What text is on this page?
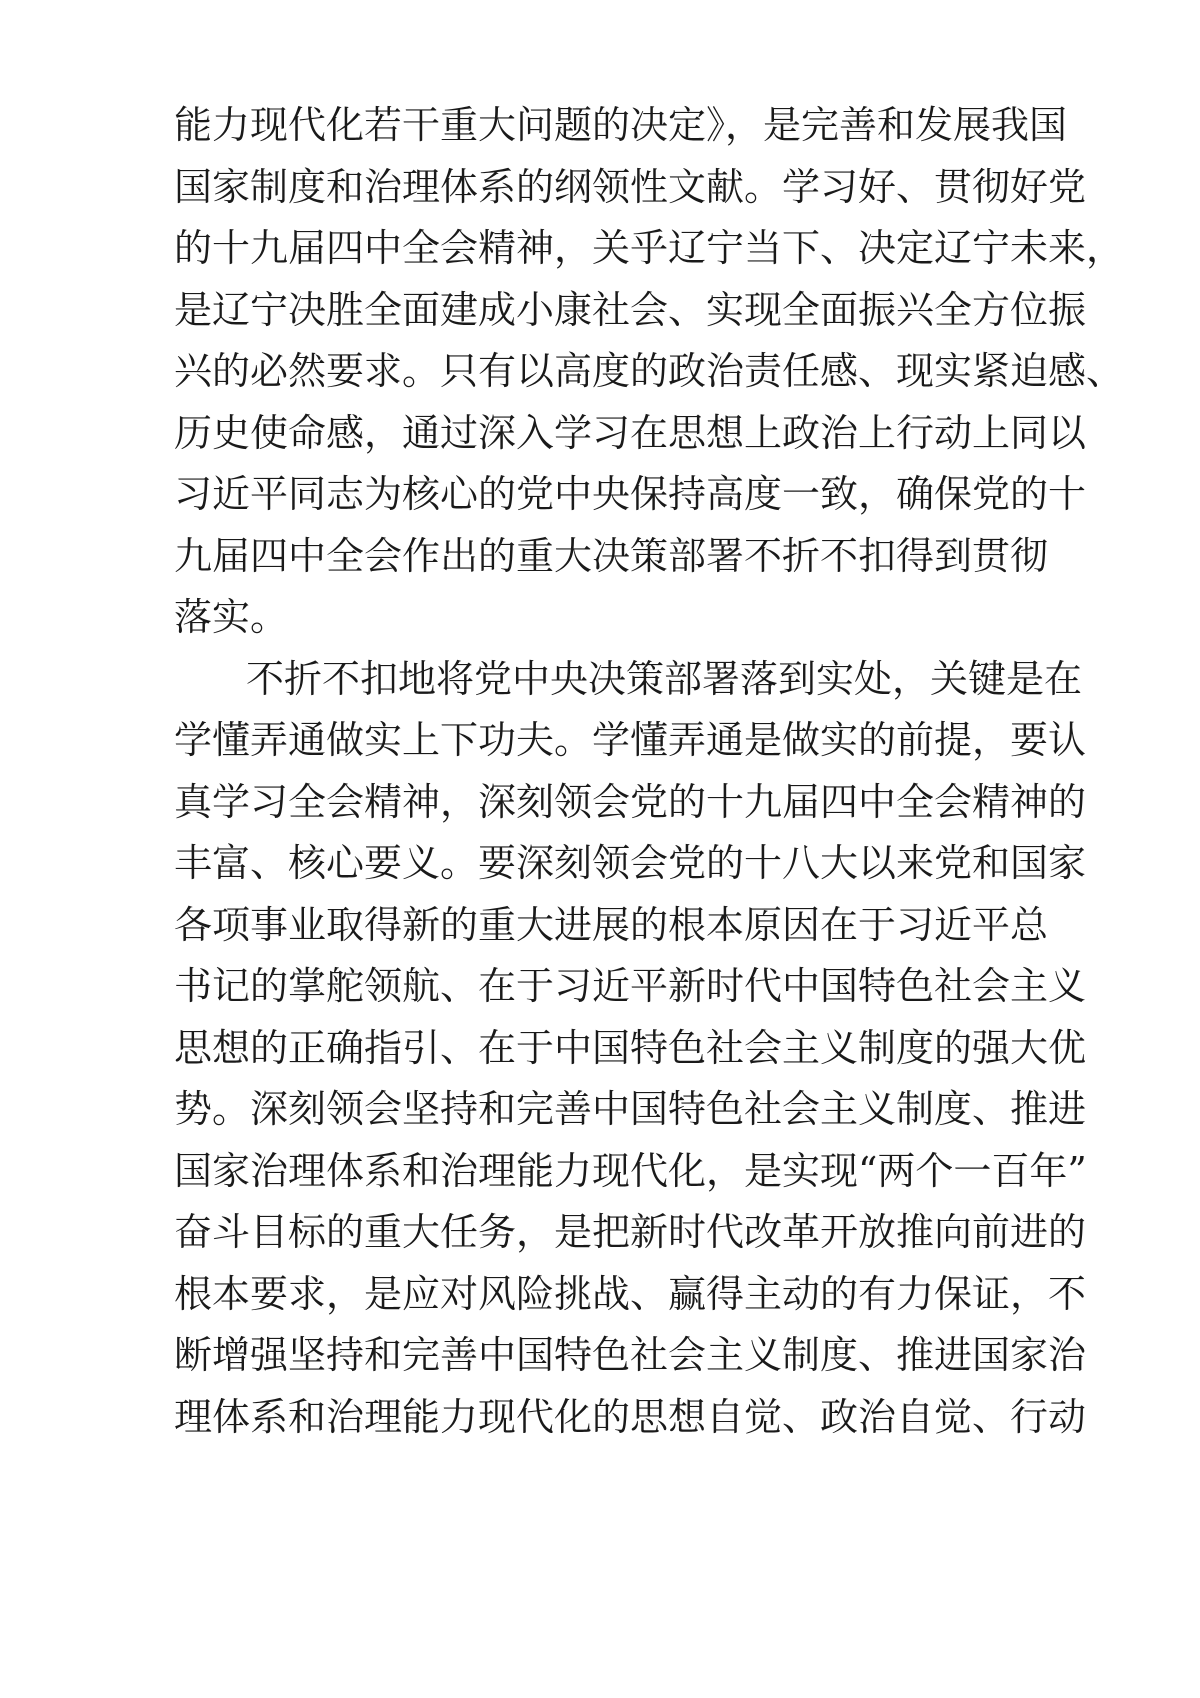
能力现代化若干重大问题的决定》，是完善和发展我国
国家制度和治理体系的纲领性文献。学习好、贯彻好党
的十九届四中全会精神，关乎辽宁当下、决定辽宁未来，
是辽宁决胜全面建成小康社会、实现全面振兴全方位振
兴的必然要求。只有以高度的政治责任感、现实紧迫感、
历史使命感，通过深入学习在思想上政治上行动上同以
习近平同志为核心的党中央保持高度一致，确保党的十
九届四中全会作出的重大决策部署不折不扣得到贯彻
落实。
不折不扣地将党中央决策部署落到实处，关键是在
学懂弄通做实上下功夫。学懂弄通是做实的前提，要认
真学习全会精神，深刻领会党的十九届四中全会精神的
丰富、核心要义。要深刻领会党的十八大以来党和国家
各项事业取得新的重大进展的根本原因在于习近平总
书记的掌舵领航、在于习近平新时代中国特色社会主义
思想的正确指引、在于中国特色社会主义制度的强大优
势。深刻领会坚持和完善中国特色社会主义制度、推进
国家治理体系和治理能力现代化，是实现“两个一百年”
奋斗目标的重大任务，是把新时代改革开放推向前进的
根本要求，是应对风险挑战、赢得主动的有力保证，不
断增强坚持和完善中国特色社会主义制度、推进国家治
理体系和治理能力现代化的思想自觉、政治自觉、行动
